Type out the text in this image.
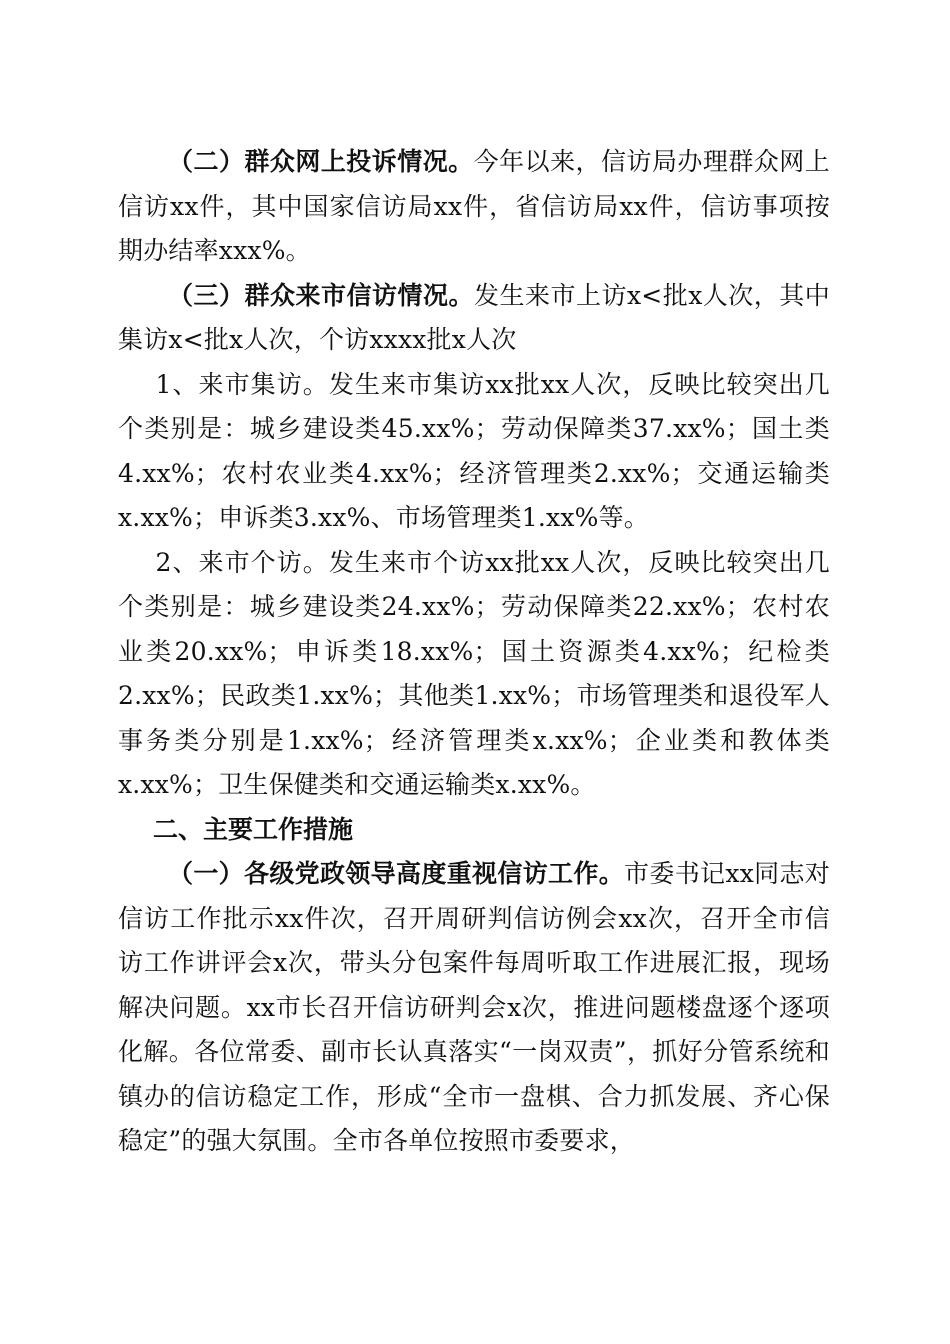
（二）群众网上投诉情况。今年以来，信访局办理群众网上信访xx件，其中国家信访局xx件，省信访局xx件，信访事项按期办结率xxx%。

（三）群众来市信访情况。发生来市上访x<批x人次，其中集访x<批x人次，个访xxxx批x人次

1、来市集访。发生来市集访xx批xx人次，反映比较突出几个类别是：城乡建设类45.xx%；劳动保障类37.xx%；国土类4.xx%；农村农业类4.xx%；经济管理类2.xx%；交通运输类x.xx%；申诉类3.xx%、市场管理类1.xx%等。

2、来市个访。发生来市个访xx批xx人次，反映比较突出几个类别是：城乡建设类24.xx%；劳动保障类22.xx%；农村农业类20.xx%；申诉类18.xx%；国土资源类4.xx%；纪检类2.xx%；民政类1.xx%；其他类1.xx%；市场管理类和退役军人事务类分别是1.xx%；经济管理类x.xx%；企业类和教体类x.xx%；卫生保健类和交通运输类x.xx%。

二、主要工作措施

（一）各级党政领导高度重视信访工作。市委书记xx同志对信访工作批示xx件次，召开周研判信访例会xx次，召开全市信访工作讲评会x次，带头分包案件每周听取工作进展汇报，现场解决问题。xx市长召开信访研判会x次，推进问题楼盘逐个逐项化解。各位常委、副市长认真落实“一岗双责”，抓好分管系统和镇办的信访稳定工作，形成“全市一盘棋、合力抓发展、齐心保稳定”的强大氛围。全市各单位按照市委要求，
